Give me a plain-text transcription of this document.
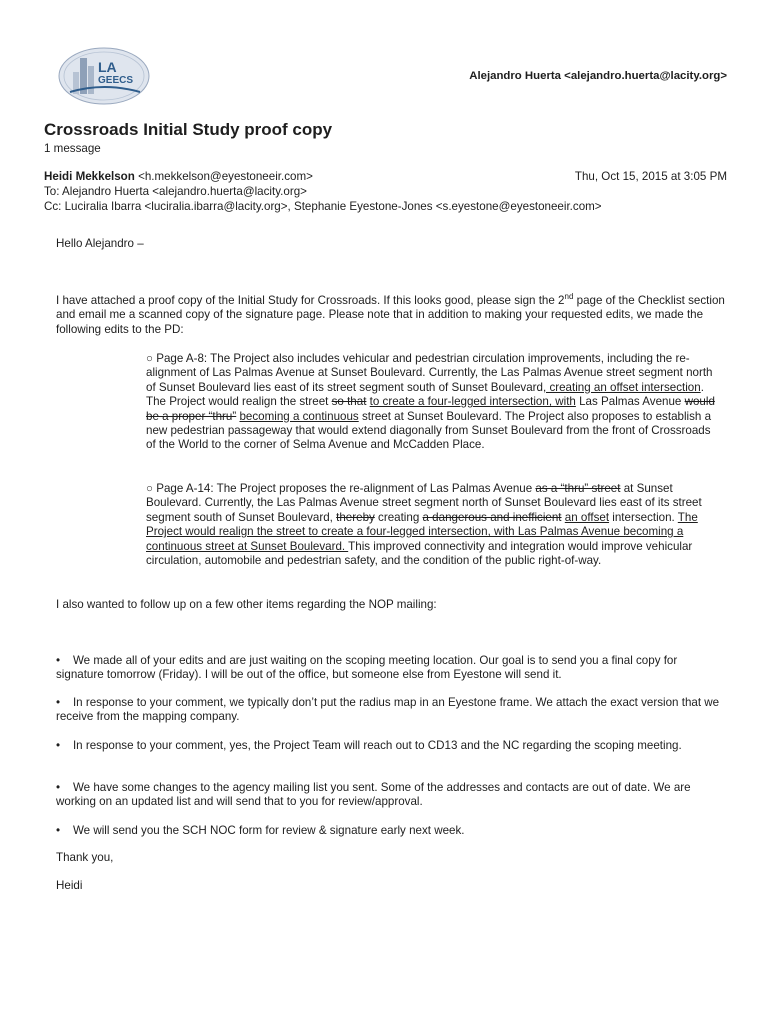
LA
GEECS	Alejandro Huerta <alejandro.huerta@lacity.org>
Crossroads Initial Study proof copy
1 message
Heidi Mekkelson <h.mekkelson@eyestoneeir.com>	Thu, Oct 15, 2015 at 3:05 PM
To: Alejandro Huerta <alejandro.huerta@lacity.org>
Cc: Luciralia Ibarra <luciralia.ibarra@lacity.org>, Stephanie Eyestone-Jones <s.eyestone@eyestoneeir.com>

Hello Alejandro –

I have attached a proof copy of the Initial Study for Crossroads. If this looks good, please sign the 2nd page of the Checklist section and email me a scanned copy of the signature page. Please note that in addition to making your requested edits, we made the following edits to the PD:

○ Page A-8: The Project also includes vehicular and pedestrian circulation improvements, including the re-alignment of Las Palmas Avenue at Sunset Boulevard. Currently, the Las Palmas Avenue street segment north of Sunset Boulevard lies east of its street segment south of Sunset Boulevard, creating an offset intersection. The Project would realign the street so that to create a four-legged intersection, with Las Palmas Avenue would be a proper “thru” becoming a continuous street at Sunset Boulevard. The Project also proposes to establish a new pedestrian passageway that would extend diagonally from Sunset Boulevard from the front of Crossroads of the World to the corner of Selma Avenue and McCadden Place.

○ Page A-14: The Project proposes the re-alignment of Las Palmas Avenue as a “thru” street at Sunset Boulevard. Currently, the Las Palmas Avenue street segment north of Sunset Boulevard lies east of its street segment south of Sunset Boulevard, thereby creating a dangerous and inefficient an offset intersection. The Project would realign the street to create a four-legged intersection, with Las Palmas Avenue becoming a continuous street at Sunset Boulevard. This improved connectivity and integration would improve vehicular circulation, automobile and pedestrian safety, and the condition of the public right-of-way.

I also wanted to follow up on a few other items regarding the NOP mailing:

• We made all of your edits and are just waiting on the scoping meeting location. Our goal is to send you a final copy for signature tomorrow (Friday). I will be out of the office, but someone else from Eyestone will send it.

• In response to your comment, we typically don’t put the radius map in an Eyestone frame. We attach the exact version that we receive from the mapping company.

• In response to your comment, yes, the Project Team will reach out to CD13 and the NC regarding the scoping meeting.

• We have some changes to the agency mailing list you sent. Some of the addresses and contacts are out of date. We are working on an updated list and will send that to you for review/approval.

• We will send you the SCH NOC form for review & signature early next week.

Thank you,

Heidi
